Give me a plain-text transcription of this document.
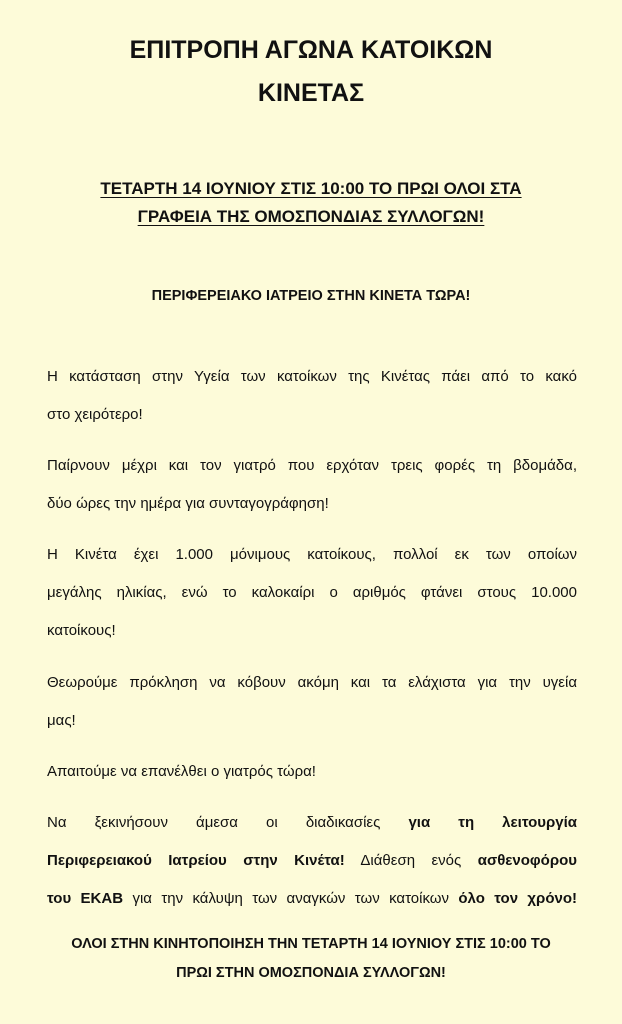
ΕΠΙΤΡΟΠΗ ΑΓΩΝΑ ΚΑΤΟΙΚΩΝ
ΚΙΝΕΤΑΣ
ΤΕΤΑΡΤΗ 14 ΙΟΥΝΙΟΥ ΣΤΙΣ 10:00 ΤΟ ΠΡΩΙ ΟΛΟΙ ΣΤΑ
ΓΡΑΦΕΙΑ ΤΗΣ ΟΜΟΣΠΟΝΔΙΑΣ ΣΥΛΛΟΓΩΝ!
ΠΕΡΙΦΕΡΕΙΑΚΟ ΙΑΤΡΕΙΟ ΣΤΗΝ ΚΙΝΕΤΑ ΤΩΡΑ!
Η κατάσταση στην Υγεία των κατοίκων της Κινέτας πάει από το κακό
στο χειρότερο!
Παίρνουν μέχρι και τον γιατρό που ερχόταν τρεις φορές τη βδομάδα,
δύο ώρες την ημέρα για συνταγογράφηση!
Η Κινέτα έχει 1.000 μόνιμους κατοίκους, πολλοί εκ των οποίων
μεγάλης ηλικίας, ενώ το καλοκαίρι ο αριθμός φτάνει στους 10.000
κατοίκους!
Θεωρούμε πρόκληση να κόβουν ακόμη και τα ελάχιστα για την υγεία
μας!
Απαιτούμε να επανέλθει ο γιατρός τώρα!
Να ξεκινήσουν άμεσα οι διαδικασίες για τη λειτουργία
Περιφερειακού Ιατρείου στην Κινέτα! Διάθεση ενός ασθενοφόρου
του ΕΚΑΒ για την κάλυψη των αναγκών των κατοίκων όλο τον χρόνο!
ΟΛΟΙ ΣΤΗΝ ΚΙΝΗΤΟΠΟΙΗΣΗ ΤΗΝ ΤΕΤΑΡΤΗ 14 ΙΟΥΝΙΟΥ ΣΤΙΣ 10:00 ΤΟ
ΠΡΩΙ ΣΤΗΝ ΟΜΟΣΠΟΝΔΙΑ ΣΥΛΛΟΓΩΝ!
